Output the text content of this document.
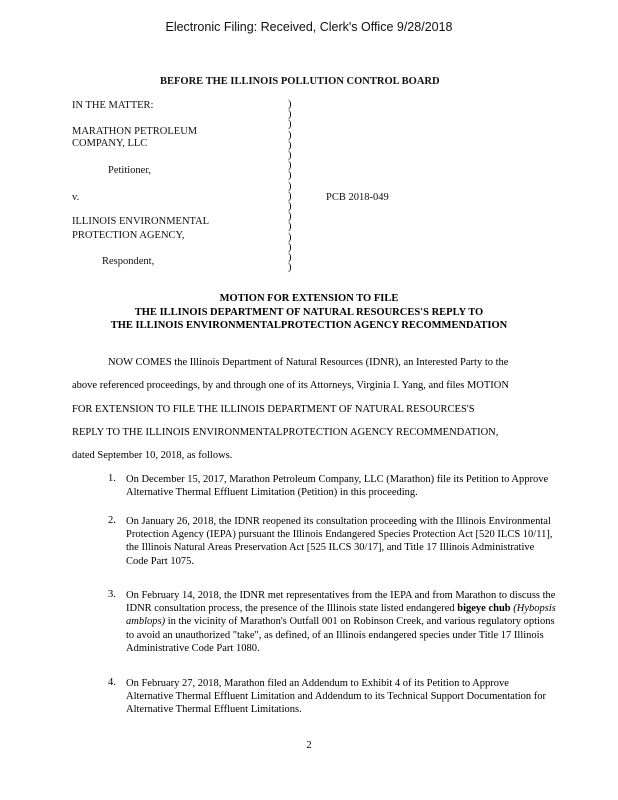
Electronic Filing: Received, Clerk's Office 9/28/2018
BEFORE THE ILLINOIS POLLUTION CONTROL BOARD
IN THE MATTER:
MARATHON PETROLEUM
COMPANY, LLC
Petitioner,
v.	PCB 2018-049
ILLINOIS ENVIRONMENTAL
PROTECTION AGENCY,
Respondent,
)
)
)
)
)
)
)
)
)
)
)
)
)
)
)
)
)
MOTION FOR EXTENSION TO FILE
THE ILLINOIS DEPARTMENT OF NATURAL RESOURCES'S REPLY TO
THE ILLINOIS ENVIRONMENTALPROTECTION AGENCY RECOMMENDATION
NOW COMES the Illinois Department of Natural Resources (IDNR), an Interested Party to the
above referenced proceedings, by and through one of its Attorneys, Virginia I. Yang, and files MOTION
FOR EXTENSION TO FILE THE ILLINOIS DEPARTMENT OF NATURAL RESOURCES'S
REPLY TO THE ILLINOIS ENVIRONMENTALPROTECTION AGENCY RECOMMENDATION,
dated September 10, 2018, as follows.
1. On December 15, 2017, Marathon Petroleum Company, LLC (Marathon) file its Petition to Approve Alternative Thermal Effluent Limitation (Petition) in this proceeding.
2. On January 26, 2018, the IDNR reopened its consultation proceeding with the Illinois Environmental Protection Agency (IEPA) pursuant the Illinois Endangered Species Protection Act [520 ILCS 10/11], the Illinois Natural Areas Preservation Act [525 ILCS 30/17], and Title 17 Illinois Administrative Code Part 1075.
3. On February 14, 2018, the IDNR met representatives from the IEPA and from Marathon to discuss the IDNR consultation process, the presence of the Illinois state listed endangered bigeye chub (Hybopsis amblops) in the vicinity of Marathon's Outfall 001 on Robinson Creek, and various regulatory options to avoid an unauthorized "take", as defined, of an Illinois endangered species under Title 17 Illinois Administrative Code Part 1080.
4. On February 27, 2018, Marathon filed an Addendum to Exhibit 4 of its Petition to Approve Alternative Thermal Effluent Limitation and Addendum to its Technical Support Documentation for Alternative Thermal Effluent Limitations.
2
